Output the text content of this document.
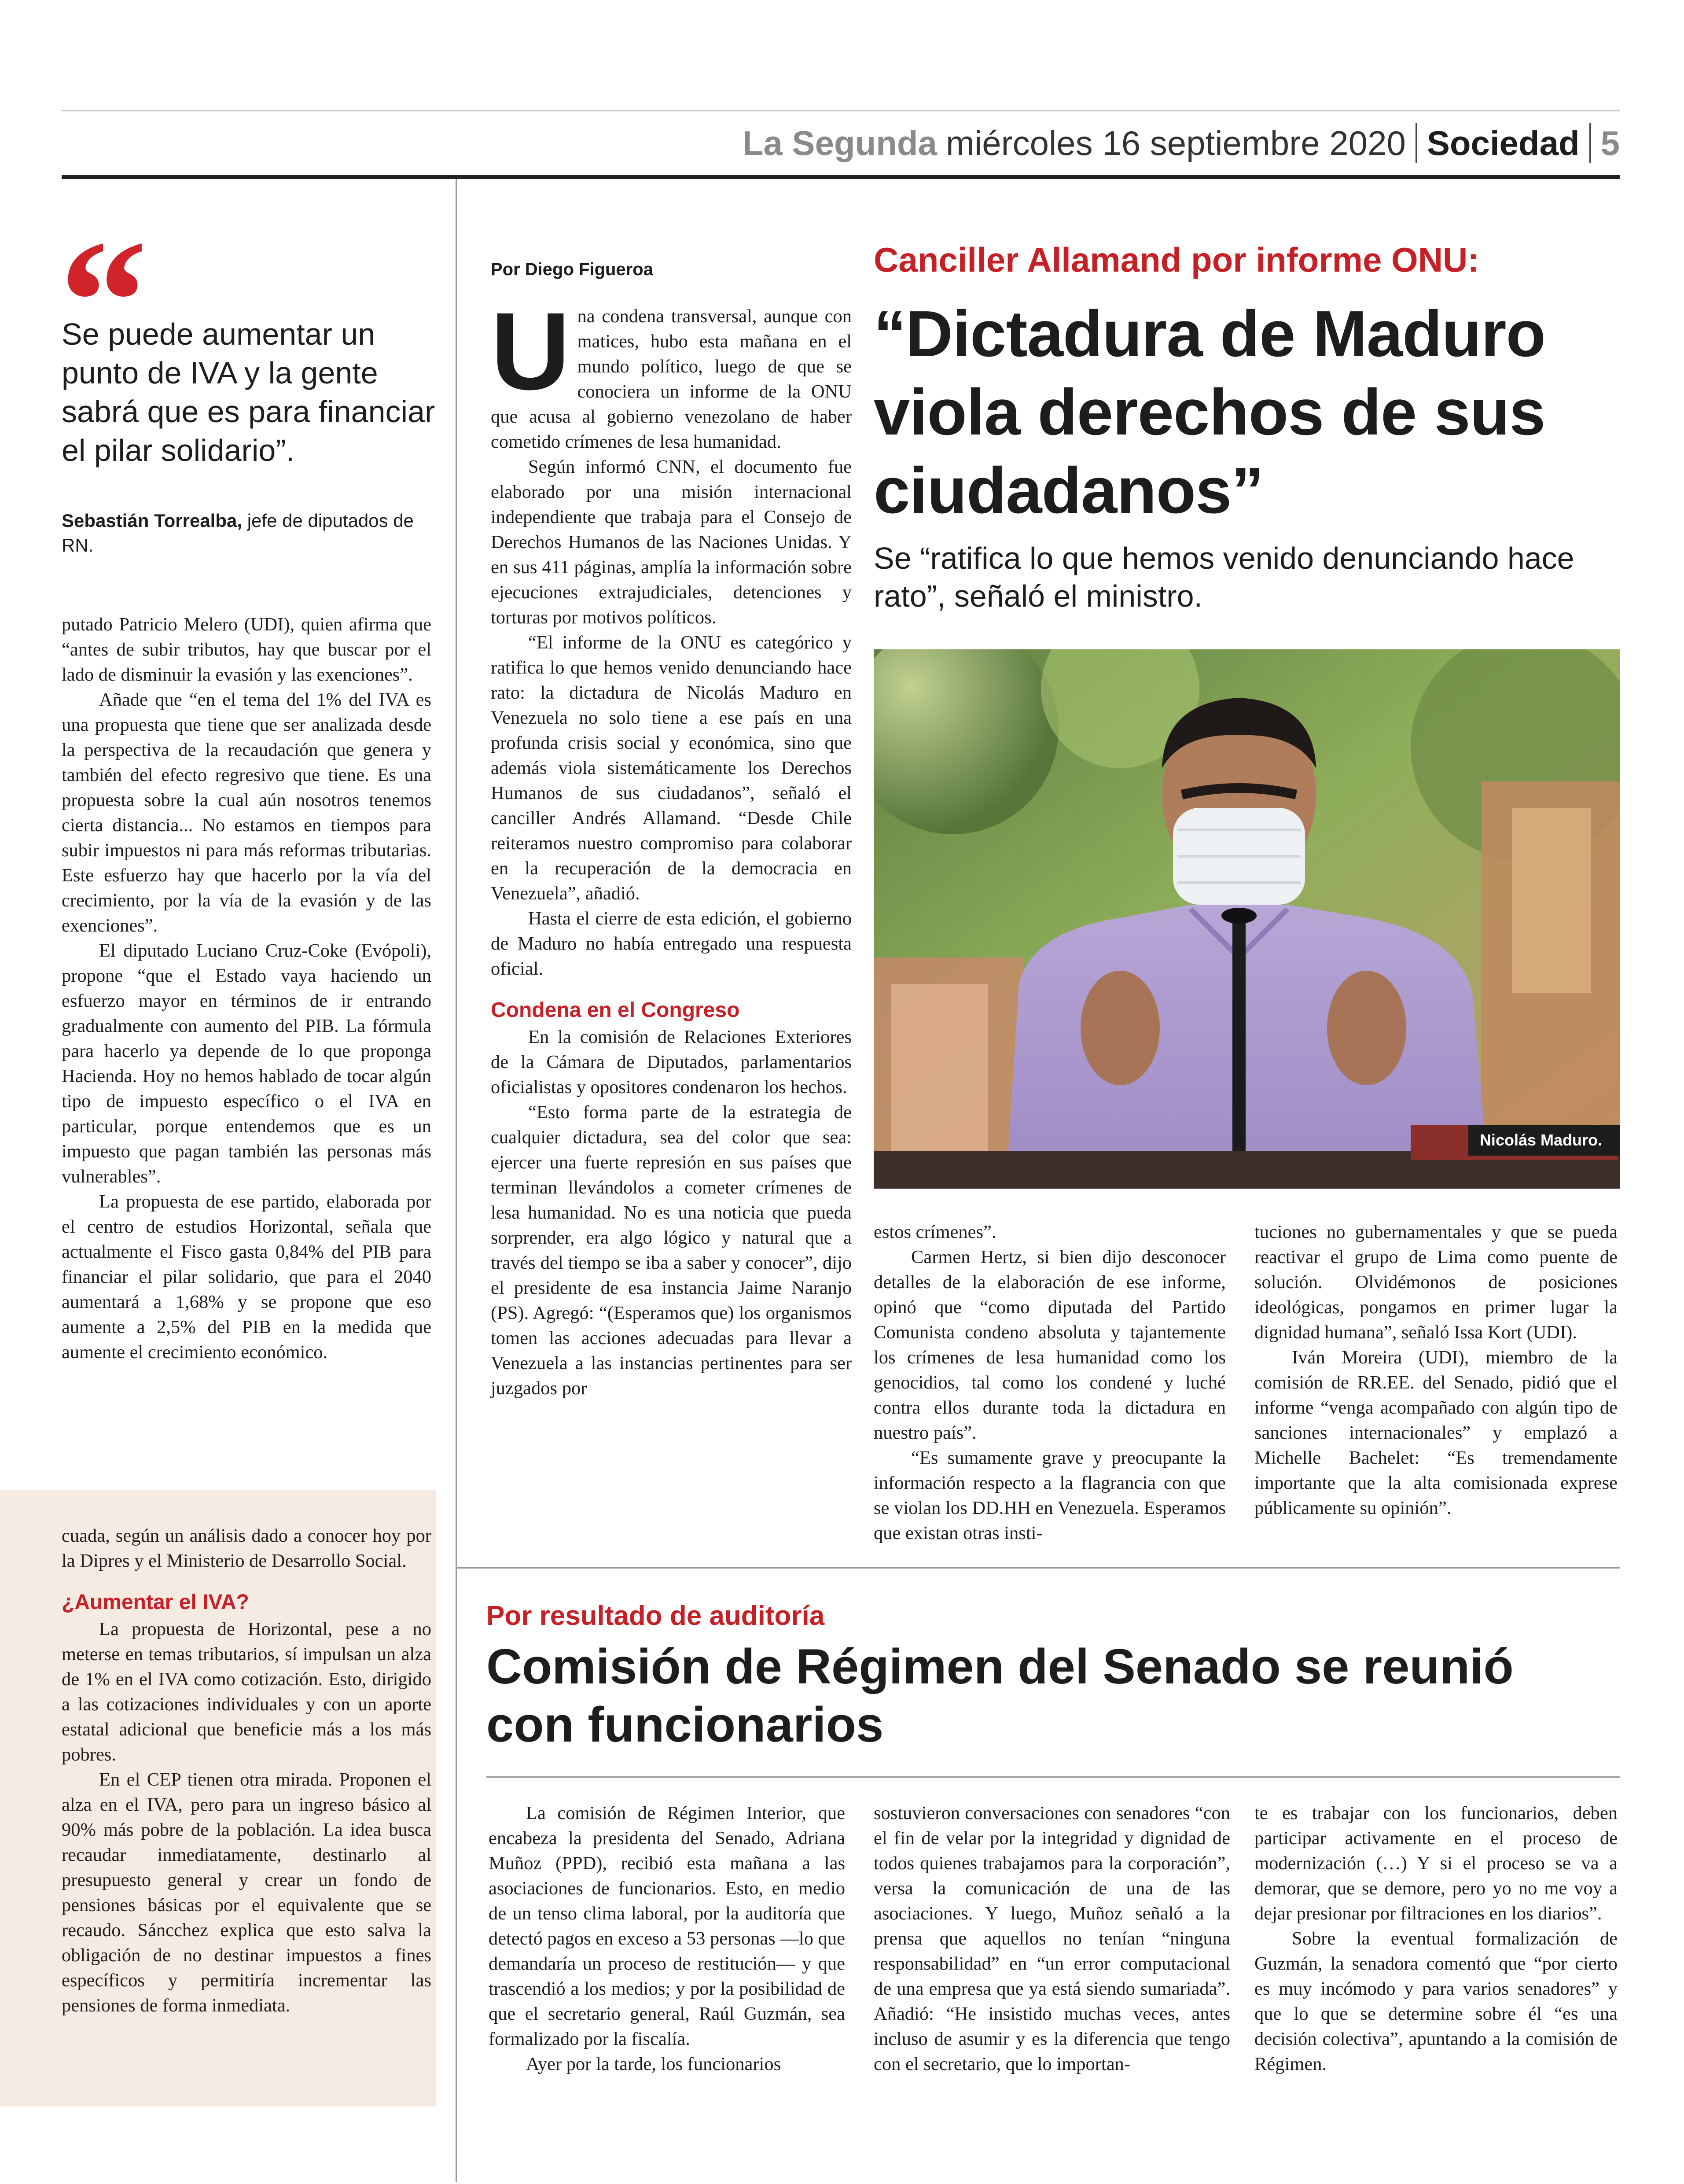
La Segunda miércoles 16 septiembre 2020 Sociedad 5
“
Se puede aumentar un punto de IVA y la gente sabrá que es para financiar el pilar solidario”.
Sebastián Torrealba, jefe de diputados de RN.

putado Patricio Melero (UDI), quien afirma que “antes de subir tributos, hay que buscar por el lado de disminuir la evasión y las exenciones”.

Añade que “en el tema del 1% del IVA es una propuesta que tiene que ser analizada desde la perspectiva de la recaudación que genera y también del efecto regresivo que tiene. Es una propuesta sobre la cual aún nosotros tenemos cierta distancia... No estamos en tiempos para subir impuestos ni para más reformas tributarias. Este esfuerzo hay que hacerlo por la vía del crecimiento, por la vía de la evasión y de las exenciones”.

El diputado Luciano Cruz-Coke (Evópoli), propone “que el Estado vaya haciendo un esfuerzo mayor en términos de ir entrando gradualmente con aumento del PIB. La fórmula para hacerlo ya depende de lo que proponga Hacienda. Hoy no hemos hablado de tocar algún tipo de impuesto específico o el IVA en particular, porque entendemos que es un impuesto que pagan también las personas más vulnerables”.

La propuesta de ese partido, elaborada por el centro de estudios Horizontal, señala que actualmente el Fisco gasta 0,84% del PIB para financiar el pilar solidario, que para el 2040 aumentará a 1,68% y se propone que eso aumente a 2,5% del PIB en la medida que aumente el crecimiento económico.

cuada, según un análisis dado a conocer hoy por la Dipres y el Ministerio de Desarrollo Social.

¿Aumentar el IVA?

La propuesta de Horizontal, pese a no meterse en temas tributarios, sí impulsan un alza de 1% en el IVA como cotización. Esto, dirigido a las cotizaciones individuales y con un aporte estatal adicional que beneficie más a los más pobres.

En el CEP tienen otra mirada. Proponen el alza en el IVA, pero para un ingreso básico al 90% más pobre de la población. La idea busca recaudar inmediatamente, destinarlo al presupuesto general y crear un fondo de pensiones básicas por el equivalente que se recaudo. Sáncchez explica que esto salva la obligación de no destinar impuestos a fines específicos y permitiría incrementar las pensiones de forma inmediata.

Por Diego Figueroa

Una condena transversal, aunque con matices, hubo esta mañana en el mundo político, luego de que se conociera un informe de la ONU que acusa al gobierno venezolano de haber cometido crímenes de lesa humanidad.

Según informó CNN, el documento fue elaborado por una misión internacional independiente que trabaja para el Consejo de Derechos Humanos de las Naciones Unidas. Y en sus 411 páginas, amplía la información sobre ejecuciones extrajudiciales, detenciones y torturas por motivos políticos.

“El informe de la ONU es categórico y ratifica lo que hemos venido denunciando hace rato: la dictadura de Nicolás Maduro en Venezuela no solo tiene a ese país en una profunda crisis social y económica, sino que además viola sistemáticamente los Derechos Humanos de sus ciudadanos”, señaló el canciller Andrés Allamand. “Desde Chile reiteramos nuestro compromiso para colaborar en la recuperación de la democracia en Venezuela”, añadió.

Hasta el cierre de esta edición, el gobierno de Maduro no había entregado una respuesta oficial.

Condena en el Congreso

En la comisión de Relaciones Exteriores de la Cámara de Diputados, parlamentarios oficialistas y opositores condenaron los hechos.

“Esto forma parte de la estrategia de cualquier dictadura, sea del color que sea: ejercer una fuerte represión en sus países que terminan llevándolos a cometer crímenes de lesa humanidad. No es una noticia que pueda sorprender, era algo lógico y natural que a través del tiempo se iba a saber y conocer”, dijo el presidente de esa instancia Jaime Naranjo (PS). Agregó: “(Esperamos que) los organismos tomen las acciones adecuadas para llevar a Venezuela a las instancias pertinentes para ser juzgados por

Canciller Allamand por informe ONU:
“Dictadura de Maduro viola derechos de sus ciudadanos”
Se “ratifica lo que hemos venido denunciando hace rato”, señaló el ministro.
Nicolás Maduro.

estos crímenes”.

Carmen Hertz, si bien dijo desconocer detalles de la elaboración de ese informe, opinó que “como diputada del Partido Comunista condeno absoluta y tajantemente los crímenes de lesa humanidad como los genocidios, tal como los condené y luché contra ellos durante toda la dictadura en nuestro país”.

“Es sumamente grave y preocupante la información respecto a la flagrancia con que se violan los DD.HH en Venezuela. Esperamos que existan otras insti-

tuciones no gubernamentales y que se pueda reactivar el grupo de Lima como puente de solución. Olvidémonos de posiciones ideológicas, pongamos en primer lugar la dignidad humana”, señaló Issa Kort (UDI).

Iván Moreira (UDI), miembro de la comisión de RR.EE. del Senado, pidió que el informe “venga acompañado con algún tipo de sanciones internacionales” y emplazó a Michelle Bachelet: “Es tremendamente importante que la alta comisionada exprese públicamente su opinión”.

Por resultado de auditoría
Comisión de Régimen del Senado se reunió con funcionarios

La comisión de Régimen Interior, que encabeza la presidenta del Senado, Adriana Muñoz (PPD), recibió esta mañana a las asociaciones de funcionarios. Esto, en medio de un tenso clima laboral, por la auditoría que detectó pagos en exceso a 53 personas —lo que demandaría un proceso de restitución— y que trascendió a los medios; y por la posibilidad de que el secretario general, Raúl Guzmán, sea formalizado por la fiscalía.

Ayer por la tarde, los funcionarios

sostuvieron conversaciones con senadores “con el fin de velar por la integridad y dignidad de todos quienes trabajamos para la corporación”, versa la comunicación de una de las asociaciones. Y luego, Muñoz señaló a la prensa que aquellos no tenían “ninguna responsabilidad” en “un error computacional de una empresa que ya está siendo sumariada”. Añadió: “He insistido muchas veces, antes incluso de asumir y es la diferencia que tengo con el secretario, que lo importan-

te es trabajar con los funcionarios, deben participar activamente en el proceso de modernización (…) Y si el proceso se va a demorar, que se demore, pero yo no me voy a dejar presionar por filtraciones en los diarios”.

Sobre la eventual formalización de Guzmán, la senadora comentó que “por cierto es muy incómodo y para varios senadores” y que lo que se determine sobre él “es una decisión colectiva”, apuntando a la comisión de Régimen.
